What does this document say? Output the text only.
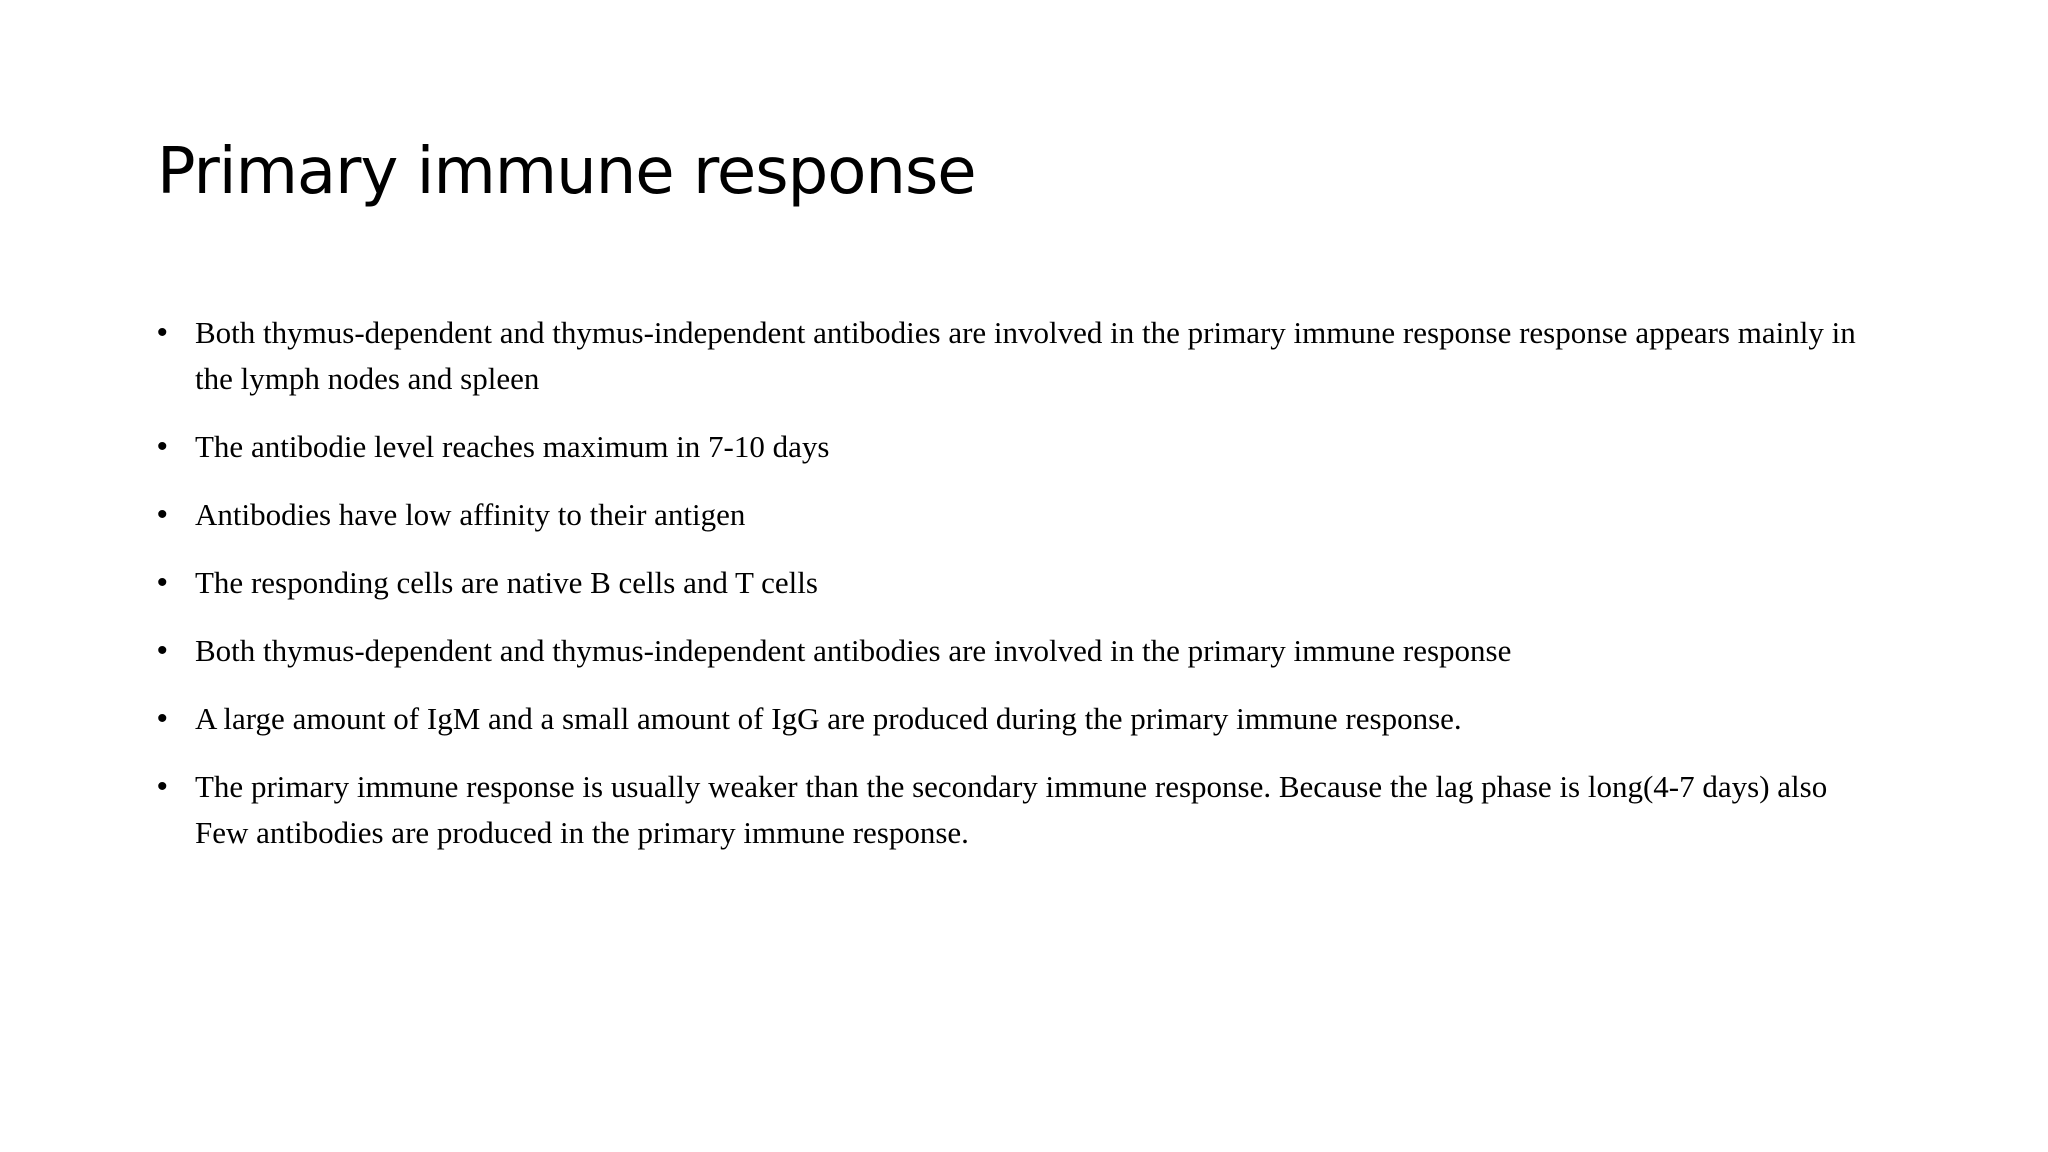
Primary immune response
• Both thymus-dependent and thymus-independent antibodies are involved in the primary immune response response appears mainly in the lymph nodes and spleen
• The antibodie level reaches maximum in 7-10 days
• Antibodies have low affinity to their antigen
• The responding cells are native B cells and T cells
• Both thymus-dependent and thymus-independent antibodies are involved in the primary immune response
• A large amount of IgM and a small amount of IgG are produced during the primary immune response.
• The primary immune response is usually weaker than the secondary immune response. Because the lag phase is long(4-7 days) also Few antibodies are produced in the primary immune response.
